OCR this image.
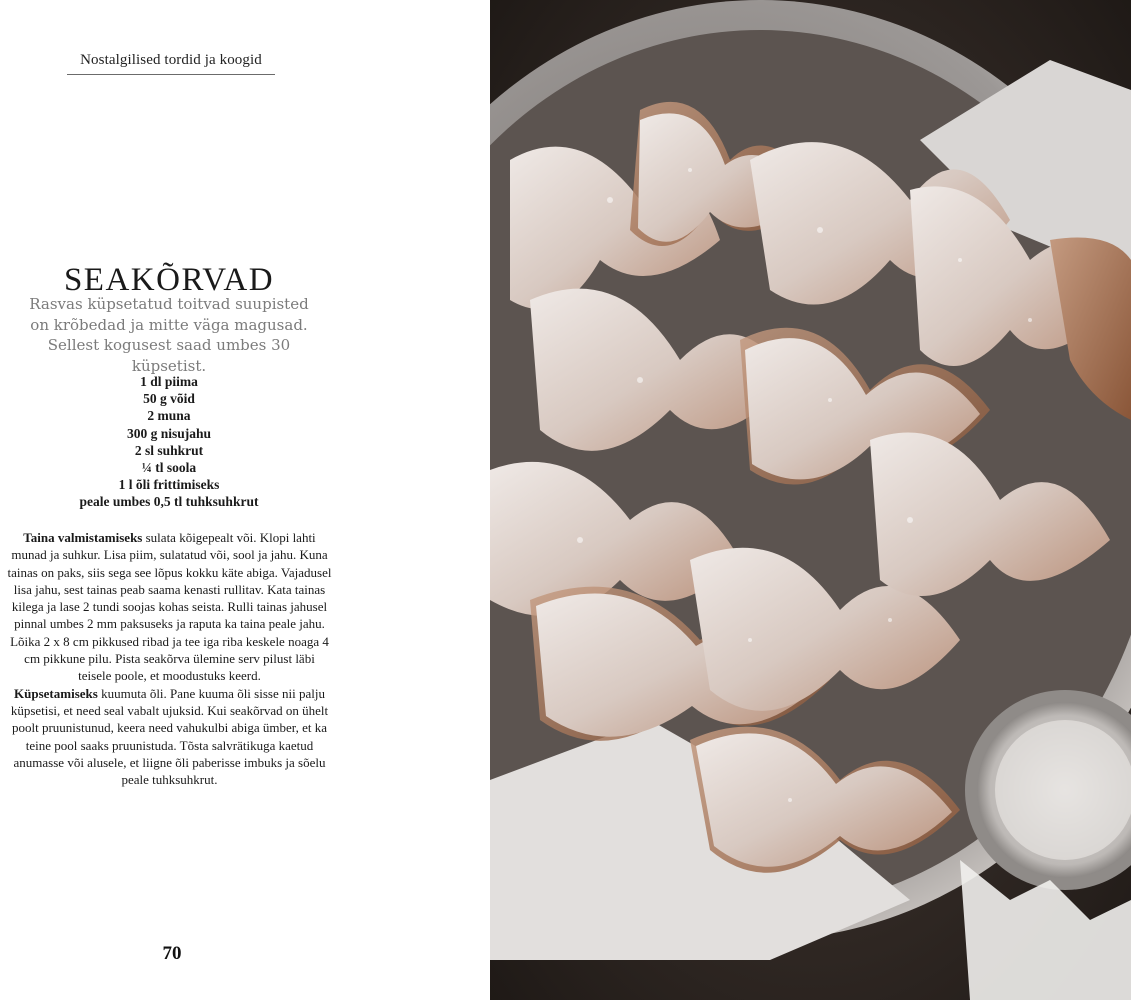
Nostalgilised tordid ja koogid
SEAKÕRVAD

Rasvas küpsetatud toitvad suupisted on krõbedad ja mitte väga magusad. Sellest kogusest saad umbes 30 küpsetist.

1 dl piima
50 g võid
2 muna
300 g nisujahu
2 sl suhkrut
¼ tl soola
1 l õli frittimiseks
peale umbes 0,5 tl tuhksuhkrut

Taina valmistamiseks sulata kõigepealt või. Klopi lahti munad ja suhkur. Lisa piim, sulatatud või, sool ja jahu. Kuna tainas on paks, siis sega see lõpus kokku käte abiga. Vajadusel lisa jahu, sest tainas peab saama kenasti rullitav. Kata tainas kilega ja lase 2 tundi soojas kohas seista. Rulli tainas jahusel pinnal umbes 2 mm paksuseks ja raputa ka taina peale jahu. Lõika 2 x 8 cm pikkused ribad ja tee iga riba keskele noaga 4 cm pikkune pilu. Pista seakõrva ülemine serv pilust läbi teisele poole, et moodustuks keerd.
Küpsetamiseks kuumuta õli. Pane kuuma õli sisse nii palju küpsetisi, et need seal vabalt ujuksid. Kui seakõrvad on ühelt poolt pruunistunud, keera need vahukulbi abiga ümber, et ka teine pool saaks pruunistuda. Tõsta salvrätikuga kaetud anumasse või alusele, et liigne õli paberisse imbuks ja sõelu peale tuhksuhkrut.

70
